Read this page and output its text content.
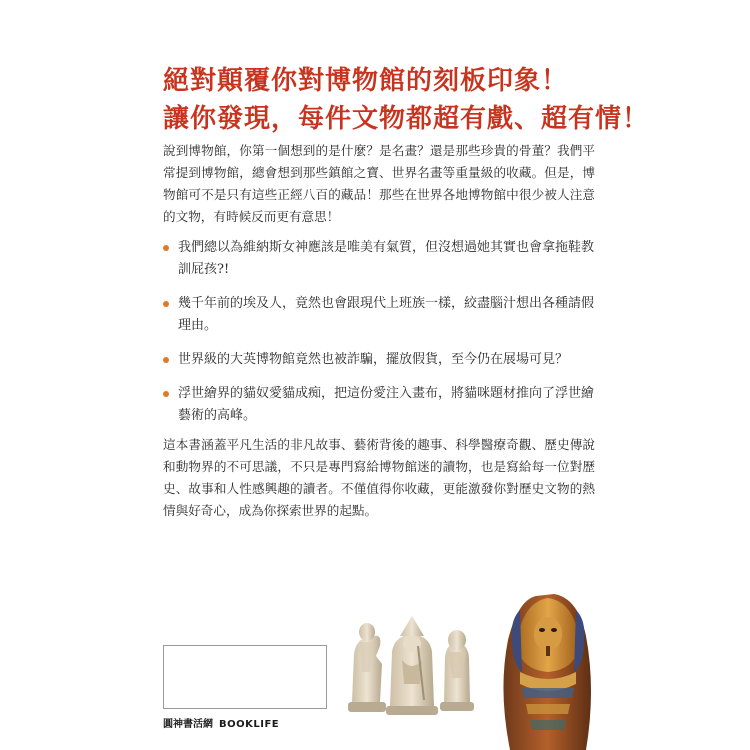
絕對顛覆你對博物館的刻板印象！
讓你發現，每件文物都超有戲、超有情！

說到博物館，你第一個想到的是什麼？是名畫？還是那些珍貴的骨董？我們平常提到博物館，總會想到那些鎮館之寶、世界名畫等重量級的收藏。但是，博物館可不是只有這些正經八百的藏品！那些在世界各地博物館中很少被人注意的文物，有時候反而更有意思！

我們總以為維納斯女神應該是唯美有氣質，但沒想過她其實也會拿拖鞋教訓屁孩?!
幾千年前的埃及人，竟然也會跟現代上班族一樣，絞盡腦汁想出各種請假理由。
世界級的大英博物館竟然也被詐騙，擺放假貨，至今仍在展場可見？
浮世繪界的貓奴愛貓成痴，把這份愛注入畫布，將貓咪題材推向了浮世繪藝術的高峰。

這本書涵蓋平凡生活的非凡故事、藝術背後的趣事、科學醫療奇觀、歷史傳說和動物界的不可思議，不只是專門寫給博物館迷的讀物，也是寫給每一位對歷史、故事和人性感興趣的讀者。不僅值得你收藏，更能激發你對歷史文物的熱情與好奇心，成為你探索世界的起點。

圓神書活網 BOOKLIFE
